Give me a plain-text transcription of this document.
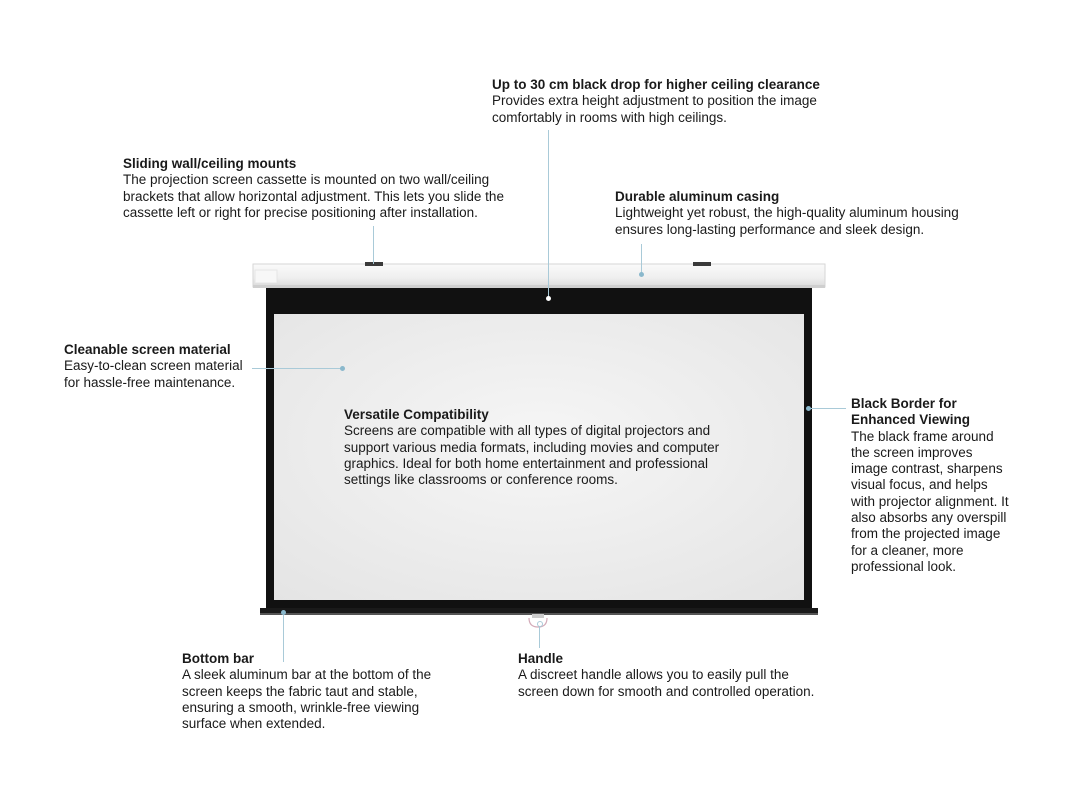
Up to 30 cm black drop for higher ceiling clearance
Provides extra height adjustment to position the image
comfortably in rooms with high ceilings.
Sliding wall/ceiling mounts
The projection screen cassette is mounted on two wall/ceiling
brackets that allow horizontal adjustment. This lets you slide the
cassette left or right for precise positioning after installation.
Durable aluminum casing
Lightweight yet robust, the high-quality aluminum housing
ensures long-lasting performance and sleek design.
Cleanable screen material
Easy-to-clean screen material
for hassle-free maintenance.
Versatile Compatibility
Screens are compatible with all types of digital projectors and
support various media formats, including movies and computer
graphics. Ideal for both home entertainment and professional
settings like classrooms or conference rooms.
Black Border for
Enhanced Viewing
The black frame around
the screen improves
image contrast, sharpens
visual focus, and helps
with projector alignment. It
also absorbs any overspill
from the projected image
for a cleaner, more
professional look.
Bottom bar
A sleek aluminum bar at the bottom of the
screen keeps the fabric taut and stable,
ensuring a smooth, wrinkle-free viewing
surface when extended.
Handle
A discreet handle allows you to easily pull the
screen down for smooth and controlled operation.
